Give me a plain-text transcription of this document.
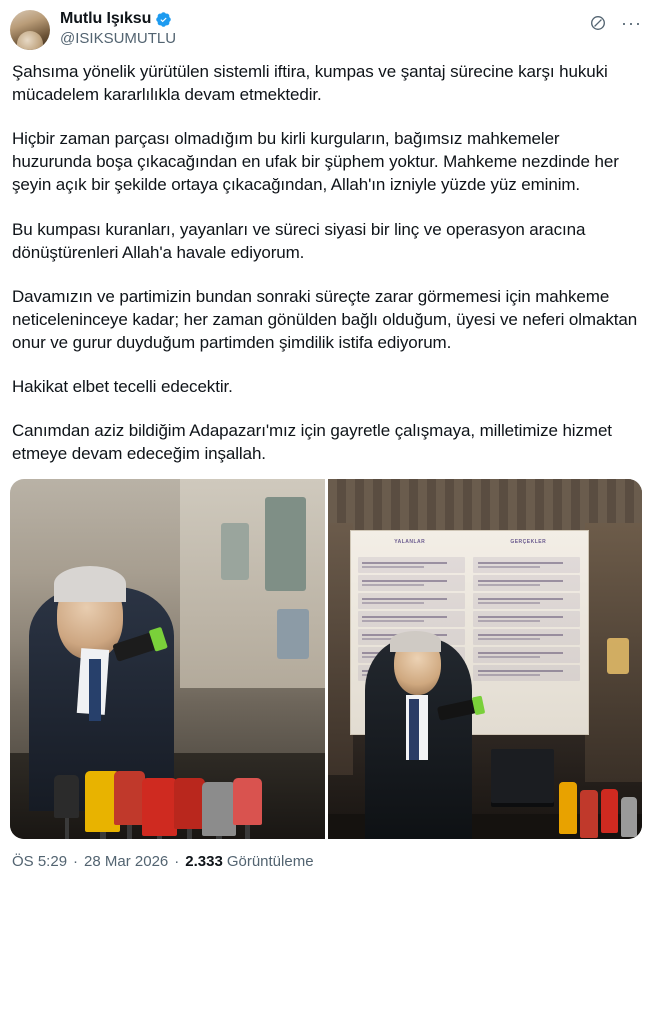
Mutlu Işıksu
@ISIKSUMUTLU
···

Şahsıma yönelik yürütülen sistemli iftira, kumpas ve şantaj sürecine karşı hukuki mücadelem kararlılıkla devam etmektedir.

Hiçbir zaman parçası olmadığım bu kirli kurguların, bağımsız mahkemeler huzurunda boşa çıkacağından en ufak bir şüphem yoktur. Mahkeme nezdinde her şeyin açık bir şekilde ortaya çıkacağından, Allah'ın izniyle yüzde yüz eminim.

Bu kumpası kuranları, yayanları ve süreci siyasi bir linç ve operasyon aracına dönüştürenleri Allah'a havale ediyorum.

Davamızın ve partimizin bundan sonraki süreçte zarar görmemesi için mahkeme neticeleninceye kadar; her zaman gönülden bağlı olduğum, üyesi ve neferi olmaktan onur ve gurur duyduğum partimden şimdilik istifa ediyorum.

Hakikat elbet tecelli edecektir.

Canımdan aziz bildiğim Adapazarı'mız için gayretle çalışmaya, milletimize hizmet etmeye devam edeceğim inşallah.

YALANLAR	GERÇEKLER
ÖS 5:29 · 28 Mar 2026 · 2.333 Görüntüleme
